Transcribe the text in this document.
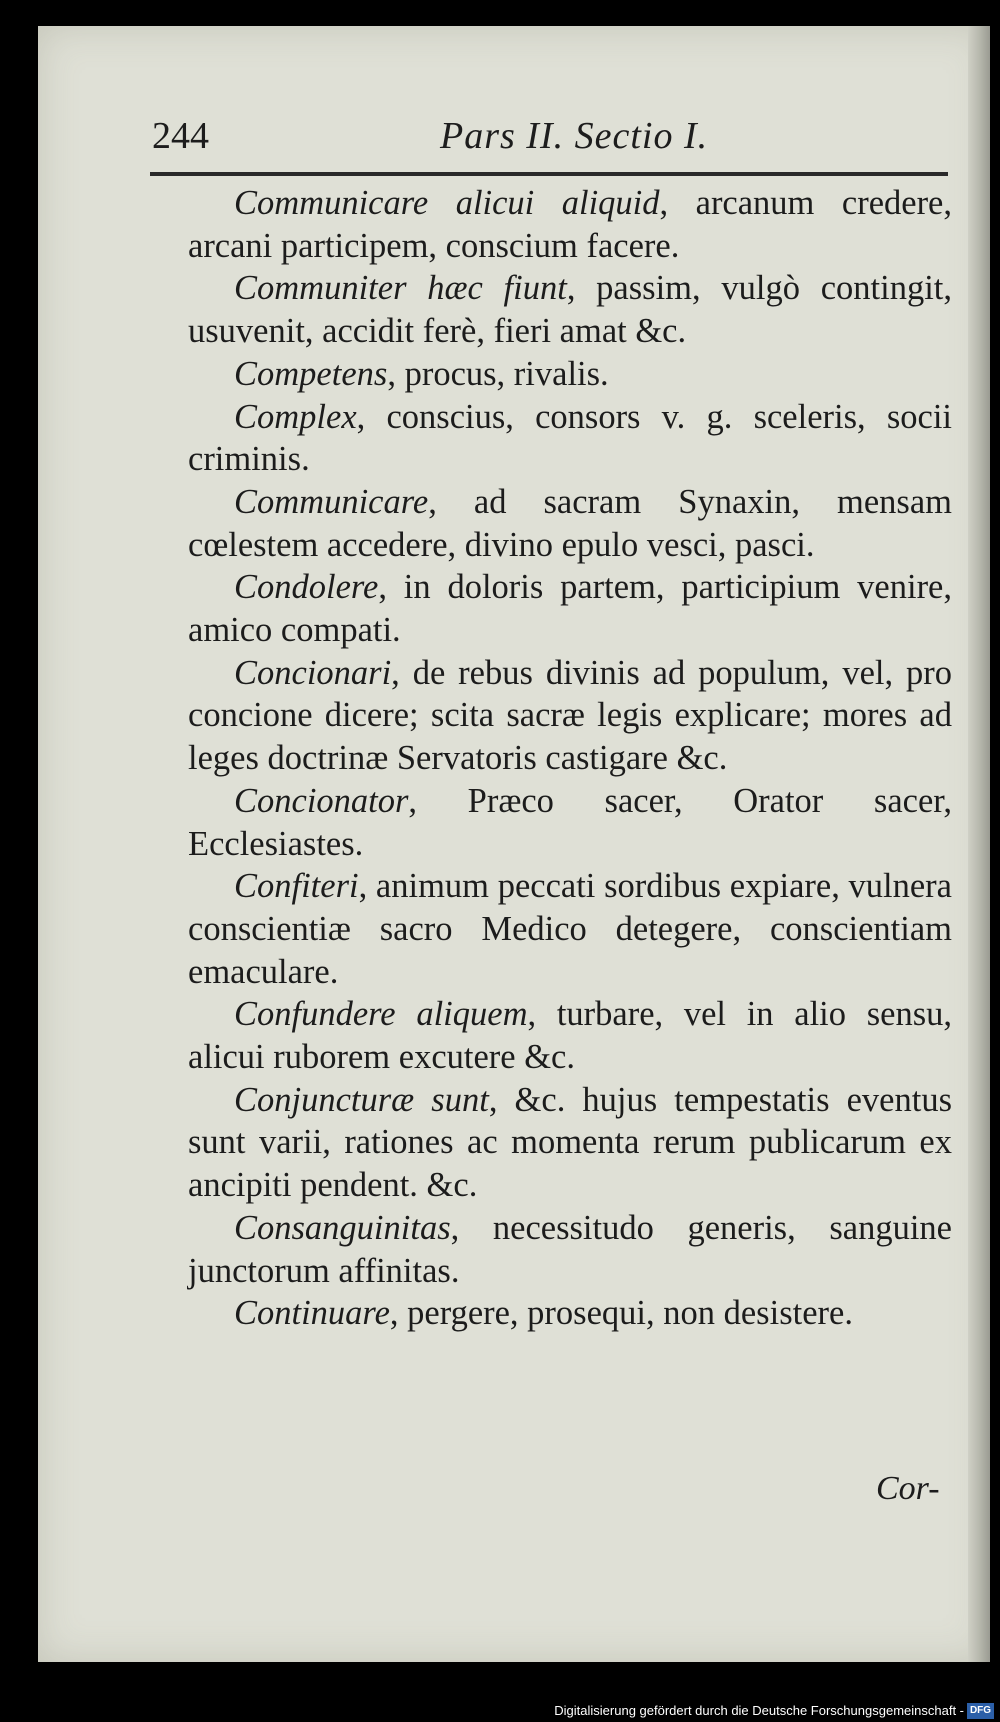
244	Pars II. Sectio I.

Communicare alicui aliquid, arcanum credere, arcani participem, conscium facere.

Communiter hæc fiunt, passim, vulgò contingit, usuvenit, accidit ferè, fieri amat &c.

Competens, procus, rivalis.

Complex, conscius, consors v. g. sceleris, socii criminis.

Communicare, ad sacram Synaxin, mensam cœlestem accedere, divino epulo vesci, pasci.

Condolere, in doloris partem, participium venire, amico compati.

Concionari, de rebus divinis ad populum, vel, pro concione dicere; scita sacræ legis explicare; mores ad leges doctrinæ Servatoris castigare &c.

Concionator, Præco sacer, Orator sacer, Ecclesiastes.

Confiteri, animum peccati sordibus expiare, vulnera conscientiæ sacro Medico detegere, conscientiam emaculare.

Confundere aliquem, turbare, vel in alio sensu, alicui ruborem excutere &c.

Conjuncturæ sunt, &c. hujus tempestatis eventus sunt varii, rationes ac momenta rerum publicarum ex ancipiti pendent. &c.

Consanguinitas, necessitudo generis, sanguine junctorum affinitas.

Continuare, pergere, prosequi, non desistere.

Cor-
Digitalisierung gefördert durch die Deutsche Forschungsgemeinschaft - DFG
